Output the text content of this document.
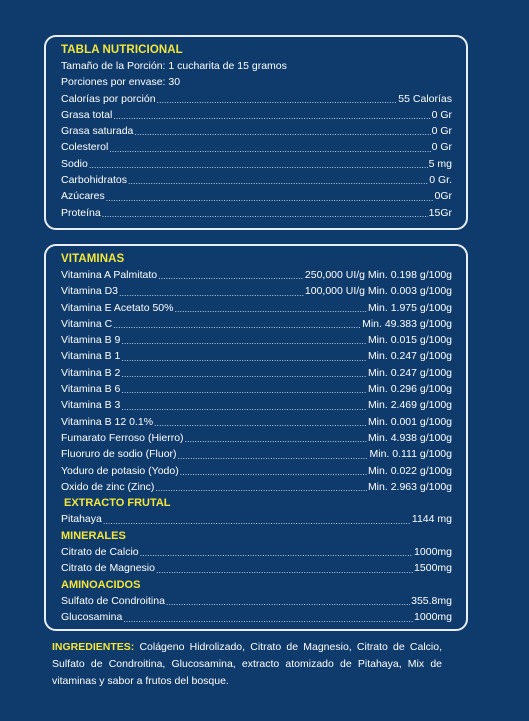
TABLA NUTRICIONAL
Tamaño de la Porción: 1 cucharita de 15 gramos
Porciones por envase: 30
Calorías por porción .....	55 Calorías
Grasa total .....	0 Gr
Grasa saturada .....	0 Gr
Colesterol .....	0 Gr
Sodio .....	5 mg
Carbohidratos .....	0 Gr.
Azúcares .....	0Gr
Proteína .....	15Gr
VITAMINAS
Vitamina A Palmitato .....	250,000 UI/g Min. 0.198 g/100g
Vitamina D3 .....	100,000 UI/g Min. 0.003 g/100g
Vitamina E Acetato 50% .....	Min. 1.975 g/100g
Vitamina C .....	Min. 49.383 g/100g
Vitamina B 9 .....	Min. 0.015 g/100g
Vitamina B 1 .....	Min. 0.247 g/100g
Vitamina B 2 .....	Min. 0.247 g/100g
Vitamina B 6 .....	Min. 0.296 g/100g
Vitamina B 3 .....	Min. 2.469 g/100g
Vitamina B 12 0.1% .....	Min. 0.001 g/100g
Fumarato Ferroso (Hierro) .....	Min. 4.938 g/100g
Fluoruro de sodio (Fluor) .....	Min. 0.111 g/100g
Yoduro de potasio (Yodo) .....	Min. 0.022 g/100g
Oxido de zinc (Zinc) .....	Min. 2.963 g/100g
EXTRACTO FRUTAL
Pitahaya .....	1144 mg
MINERALES
Citrato de Calcio .....	1000mg
Citrato de Magnesio .....	1500mg
AMINOACIDOS
Sulfato de Condroitina .....	355.8mg
Glucosamina .....	1000mg
INGREDIENTES: Colágeno Hidrolizado, Citrato de Magnesio, Citrato de Calcio, Sulfato de Condroitina, Glucosamina, extracto atomizado de Pitahaya, Mix de vitaminas y sabor a frutos del bosque.
